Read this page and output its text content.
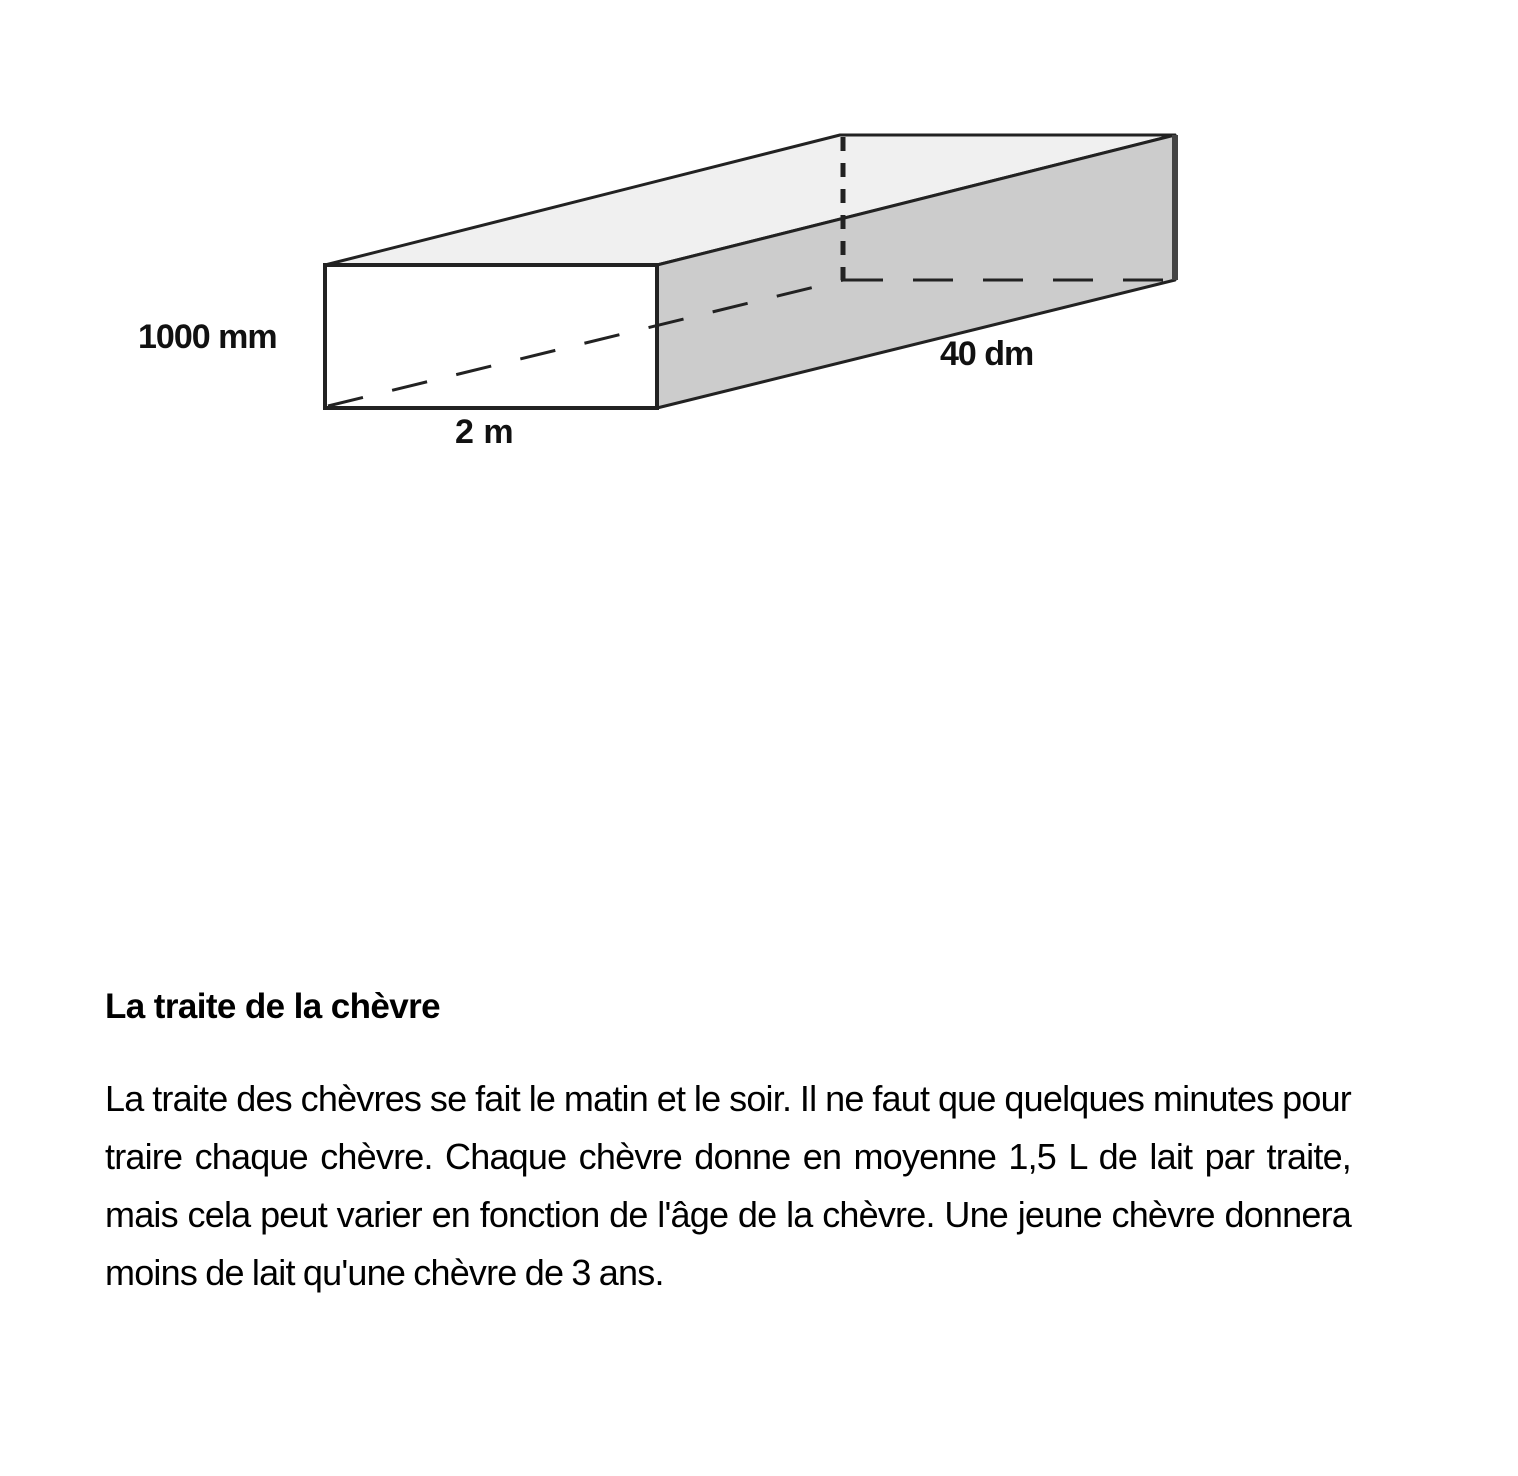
1000 mm
2 m
40 dm
La traite de la chèvre

La traite des chèvres se fait le matin et le soir. Il ne faut que quelques minutes pour traire chaque chèvre. Chaque chèvre donne en moyenne 1,5 L de lait par traite, mais cela peut varier en fonction de l'âge de la chèvre. Une jeune chèvre donnera moins de lait qu'une chèvre de 3 ans.
